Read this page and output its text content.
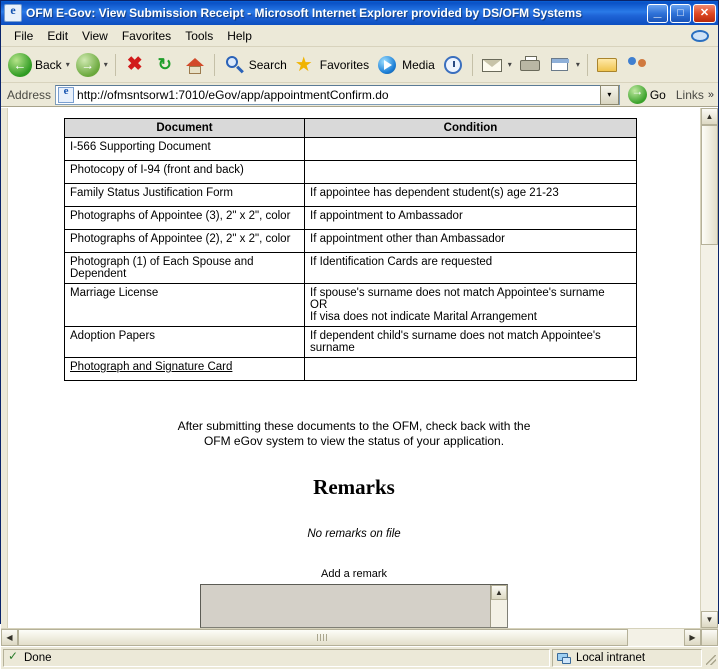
e
OFM E-Gov: View Submission Receipt - Microsoft Internet Explorer provided by DS/OFM Systems	_	□	✕
File	Edit	View	Favorites	Tools	Help
← Back ▾ → ▾ ✖ ↻	Search ★ Favorites	Media	▾	▾
Address e http://ofmsntsorw1:7010/eGov/app/appointmentConfirm.do	▾ →	Go Links »
Document	Condition
I-566 Supporting Document	
Photocopy of I-94 (front and back)	
Family Status Justification Form	If appointee has dependent student(s) age 21-23
Photographs of Appointee (3), 2" x 2", color	If appointment to Ambassador
Photographs of Appointee (2), 2" x 2", color	If appointment other than Ambassador
Photograph (1) of Each Spouse and Dependent	If Identification Cards are requested
Marriage License	If spouse's surname does not match Appointee's surname
OR
If visa does not indicate Marital Arrangement

Adoption Papers	If dependent child's surname does not match Appointee's surname
Photograph and Signature Card	
After submitting these documents to the OFM, check back with the
OFM eGov system to view the status of your application.
Remarks
No remarks on file
Add a remark
▲
▲
▼
◀	▶
✓
Done	Local intranet
